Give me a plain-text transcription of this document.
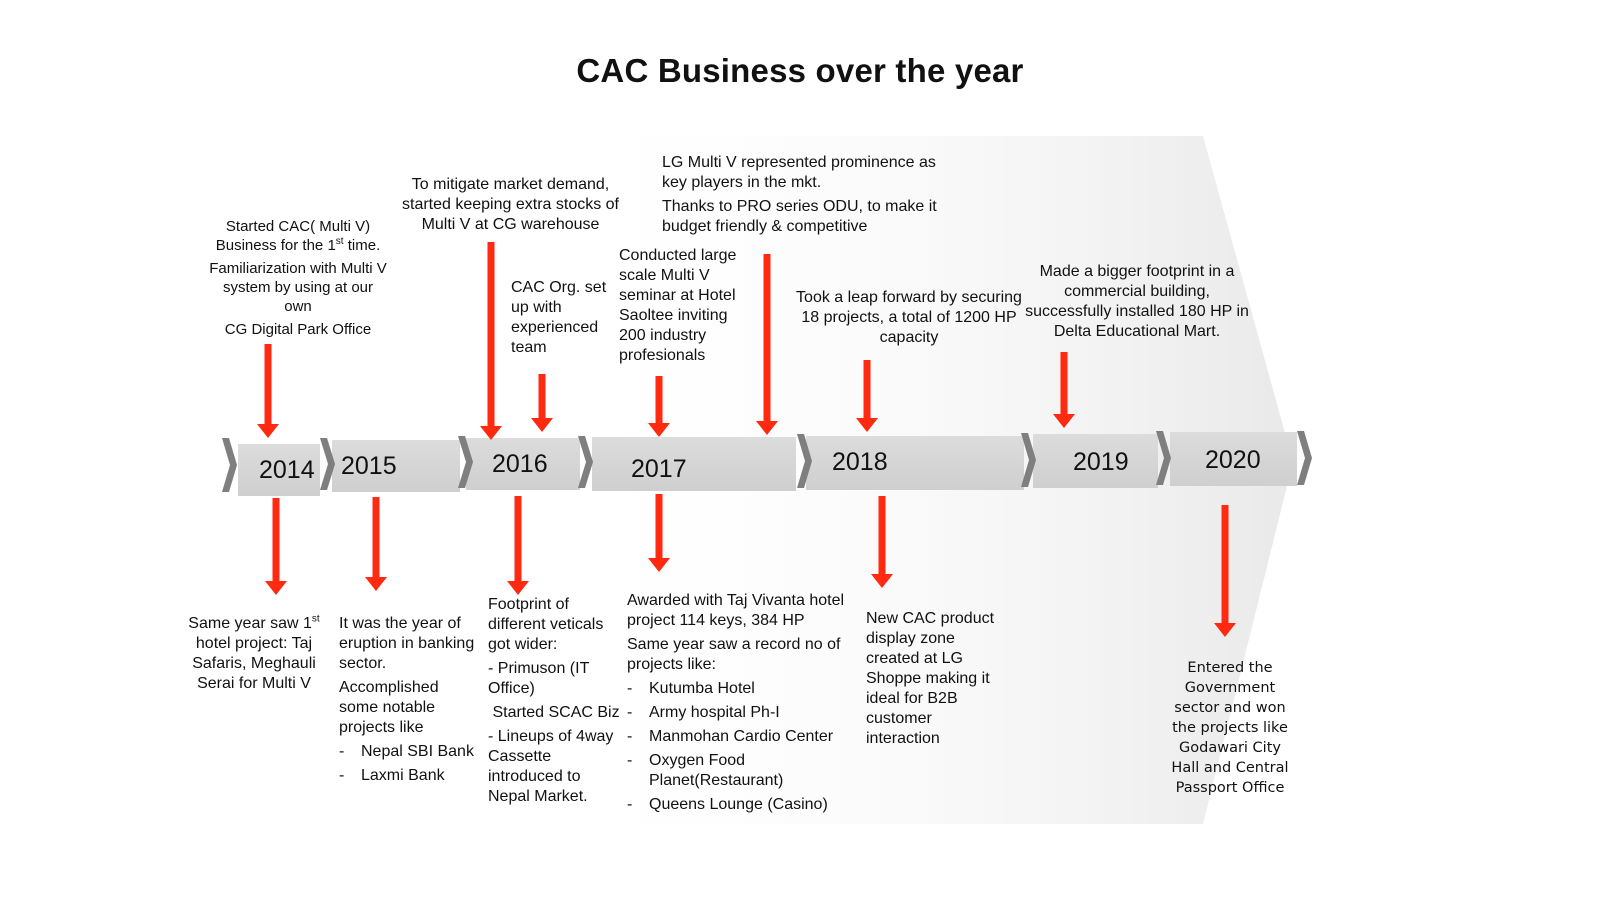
CAC Business over the year
2014 2015	2016	2017	2018	2019	2020

Started CAC( Multi V)

Business for the 1st time.

Familiarization with Multi V system by using at our own

CG Digital Park Office

To mitigate market demand, started keeping extra stocks of Multi V at CG warehouse

CAC Org. set up with experienced team

Conducted large scale Multi V seminar at Hotel Saoltee inviting 200 industry profesionals

LG Multi V represented prominence as key players in the mkt.

Thanks to PRO series ODU, to make it budget friendly & competitive

Took a leap forward by securing 18 projects, a total of 1200 HP capacity

Made a bigger footprint in a commercial building, successfully installed 180 HP in Delta Educational Mart.

Same year saw 1st hotel project: Taj Safaris, Meghauli Serai for Multi V

It was the year of eruption in banking sector.

Accomplished some notable projects like

- Nepal SBI Bank

- Laxmi Bank

Footprint of different veticals got wider:

- Primuson (IT Office)

Started SCAC Biz

- Lineups of 4way Cassette introduced to Nepal Market.

Awarded with Taj Vivanta hotel project 114 keys, 384 HP

Same year saw a record no of projects like:

- Kutumba Hotel

- Army hospital Ph-I

- Manmohan Cardio Center

- Oxygen Food Planet(Restaurant)

- Queens Lounge (Casino)

New CAC product display zone created at LG Shoppe making it ideal for B2B customer interaction

Entered the Government sector and won the projects like Godawari City Hall and Central Passport Office
